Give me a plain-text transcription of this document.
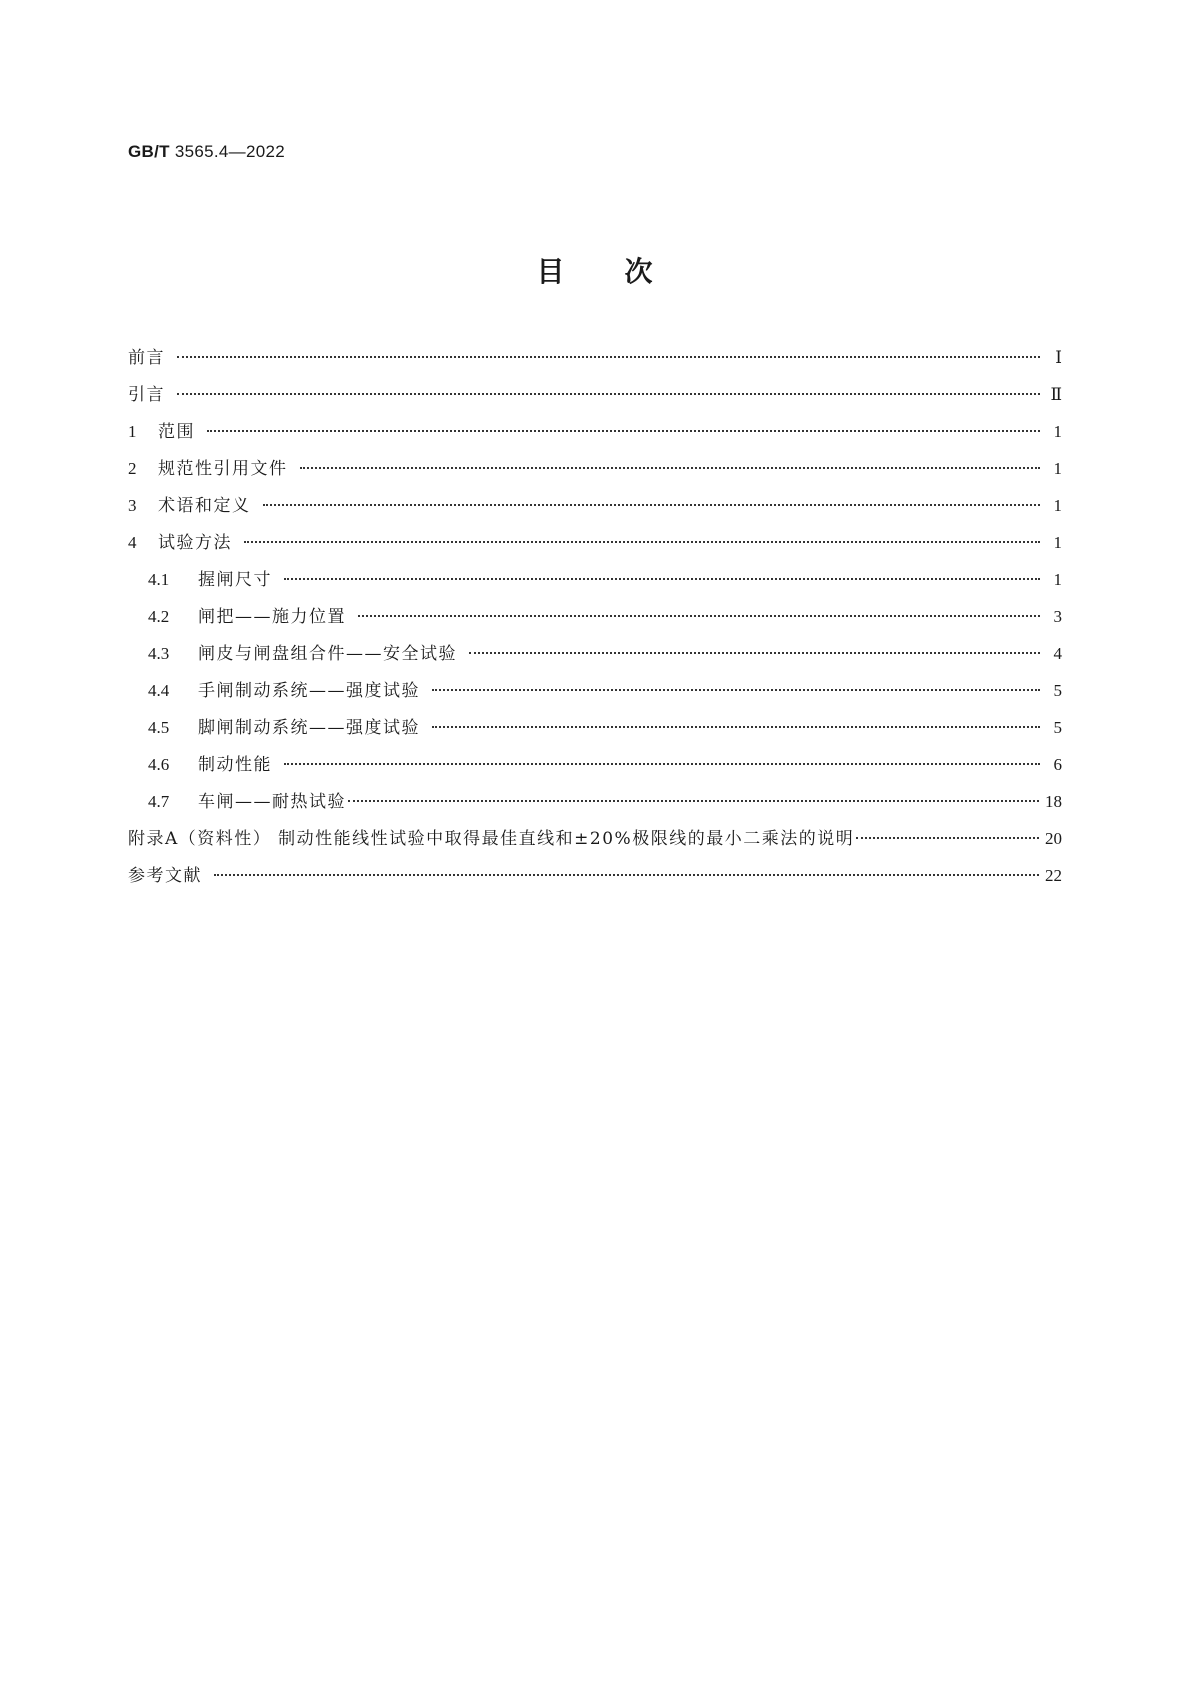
GB/T 3565.4—2022
目 次
前言	Ⅰ
引言	Ⅱ
1	范围	1
2	规范性引用文件	1
3	术语和定义	1
4	试验方法	1
4.1	握闸尺寸	1
4.2	闸把——施力位置	3
4.3	闸皮与闸盘组合件——安全试验	4
4.4	手闸制动系统——强度试验	5
4.5	脚闸制动系统——强度试验	5
4.6	制动性能	6
4.7	车闸——耐热试验	18
附录A（资料性） 制动性能线性试验中取得最佳直线和±20%极限线的最小二乘法的说明	20
参考文献	22
